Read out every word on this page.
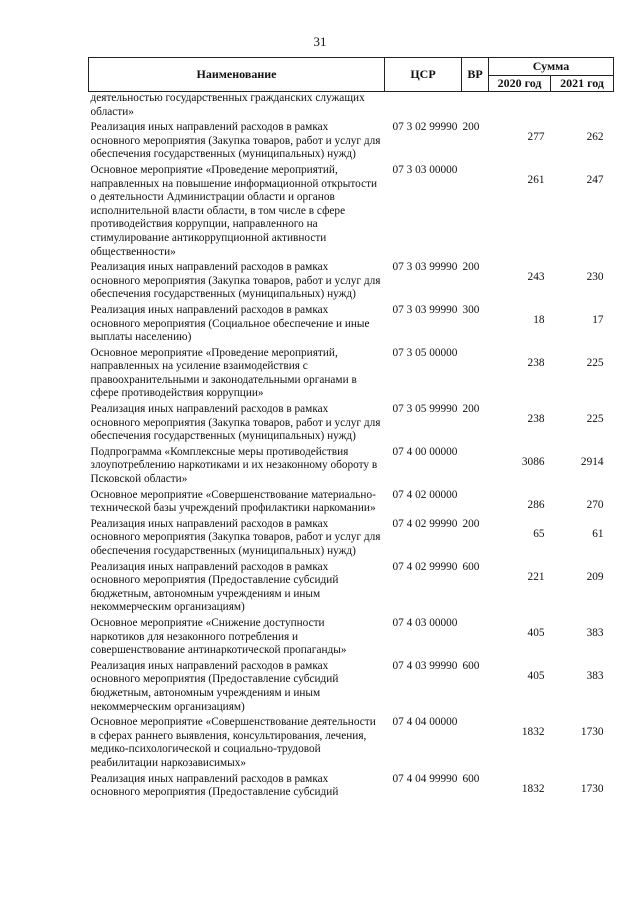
31
Наименование	ЦСР	ВР	Сумма	
			2020 год	2021 год
деятельностью государственных гражданских служащих области»				
Реализация иных направлений расходов в рамках основного мероприятия (Закупка товаров, работ и услуг для обеспечения государственных (муниципальных) нужд)	07 3 02 99990	200	277	262
Основное мероприятие «Проведение мероприятий, направленных на повышение информационной открытости о деятельности Администрации области и органов исполнительной власти области, в том числе в сфере противодействия коррупции, направленного на стимулирование антикоррупционной активности общественности»	07 3 03 00000		261	247
Реализация иных направлений расходов в рамках основного мероприятия (Закупка товаров, работ и услуг для обеспечения государственных (муниципальных) нужд)	07 3 03 99990	200	243	230
Реализация иных направлений расходов в рамках основного мероприятия (Социальное обеспечение и иные выплаты населению)	07 3 03 99990	300	18	17
Основное мероприятие «Проведение мероприятий, направленных на усиление взаимодействия с правоохранительными и законодательными органами в сфере противодействия коррупции»	07 3 05 00000		238	225
Реализация иных направлений расходов в рамках основного мероприятия (Закупка товаров, работ и услуг для обеспечения государственных (муниципальных) нужд)	07 3 05 99990	200	238	225
Подпрограмма «Комплексные меры противодействия злоупотреблению наркотиками и их незаконному обороту в Псковской области»	07 4 00 00000		3086	2914
Основное мероприятие «Совершенствование материально-технической базы учреждений профилактики наркомании»	07 4 02 00000		286	270
Реализация иных направлений расходов в рамках основного мероприятия (Закупка товаров, работ и услуг для обеспечения государственных (муниципальных) нужд)	07 4 02 99990	200	65	61
Реализация иных направлений расходов в рамках основного мероприятия (Предоставление субсидий бюджетным, автономным учреждениям и иным некоммерческим организациям)	07 4 02 99990	600	221	209
Основное мероприятие «Снижение доступности наркотиков для незаконного потребления и совершенствование антинаркотической пропаганды»	07 4 03 00000		405	383
Реализация иных направлений расходов в рамках основного мероприятия (Предоставление субсидий бюджетным, автономным учреждениям и иным некоммерческим организациям)	07 4 03 99990	600	405	383
Основное мероприятие «Совершенствование деятельности в сферах раннего выявления, консультирования, лечения, медико-психологической и социально-трудовой реабилитации наркозависимых»	07 4 04 00000		1832	1730
Реализация иных направлений расходов в рамках основного мероприятия (Предоставление субсидий	07 4 04 99990	600	1832	1730
